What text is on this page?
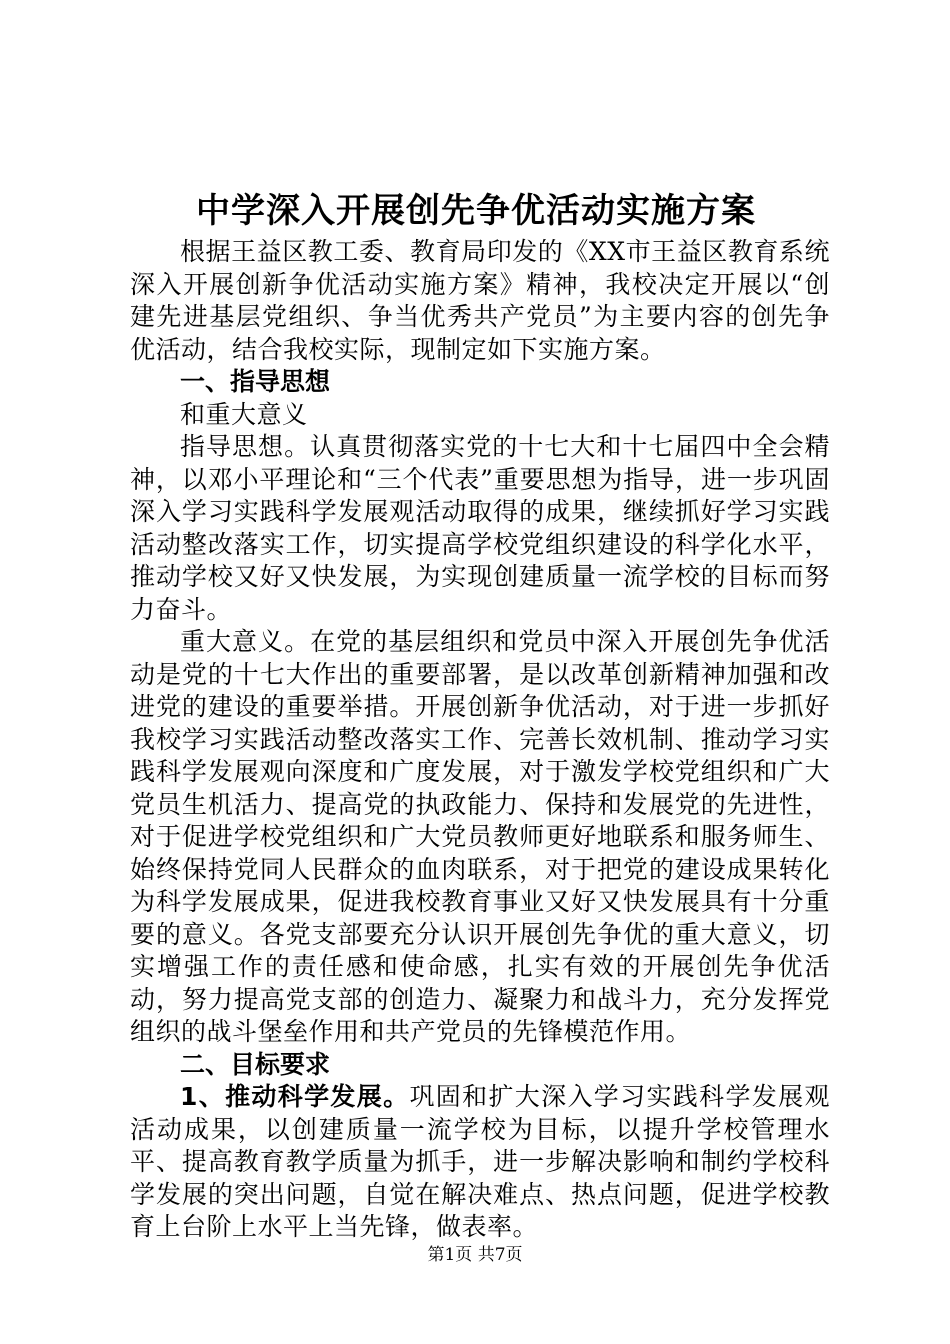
中学深入开展创先争优活动实施方案

根据王益区教工委、教育局印发的《XX市王益区教育系统深入开展创新争优活动实施方案》精神，我校决定开展以“创建先进基层党组织、争当优秀共产党员”为主要内容的创先争优活动，结合我校实际，现制定如下实施方案。

一、指导思想

和重大意义

指导思想。认真贯彻落实党的十七大和十七届四中全会精神，以邓小平理论和“三个代表”重要思想为指导，进一步巩固深入学习实践科学发展观活动取得的成果，继续抓好学习实践活动整改落实工作，切实提高学校党组织建设的科学化水平，推动学校又好又快发展，为实现创建质量一流学校的目标而努力奋斗。

重大意义。在党的基层组织和党员中深入开展创先争优活动是党的十七大作出的重要部署，是以改革创新精神加强和改进党的建设的重要举措。开展创新争优活动，对于进一步抓好我校学习实践活动整改落实工作、完善长效机制、推动学习实践科学发展观向深度和广度发展，对于激发学校党组织和广大党员生机活力、提高党的执政能力、保持和发展党的先进性，对于促进学校党组织和广大党员教师更好地联系和服务师生、始终保持党同人民群众的血肉联系，对于把党的建设成果转化为科学发展成果，促进我校教育事业又好又快发展具有十分重要的意义。各党支部要充分认识开展创先争优的重大意义，切实增强工作的责任感和使命感，扎实有效的开展创先争优活动，努力提高党支部的创造力、凝聚力和战斗力，充分发挥党组织的战斗堡垒作用和共产党员的先锋模范作用。

二、目标要求

1、推动科学发展。巩固和扩大深入学习实践科学发展观活动成果，以创建质量一流学校为目标，以提升学校管理水平、提高教育教学质量为抓手，进一步解决影响和制约学校科学发展的突出问题，自觉在解决难点、热点问题，促进学校教育上台阶上水平上当先锋，做表率。

第1页 共7页
